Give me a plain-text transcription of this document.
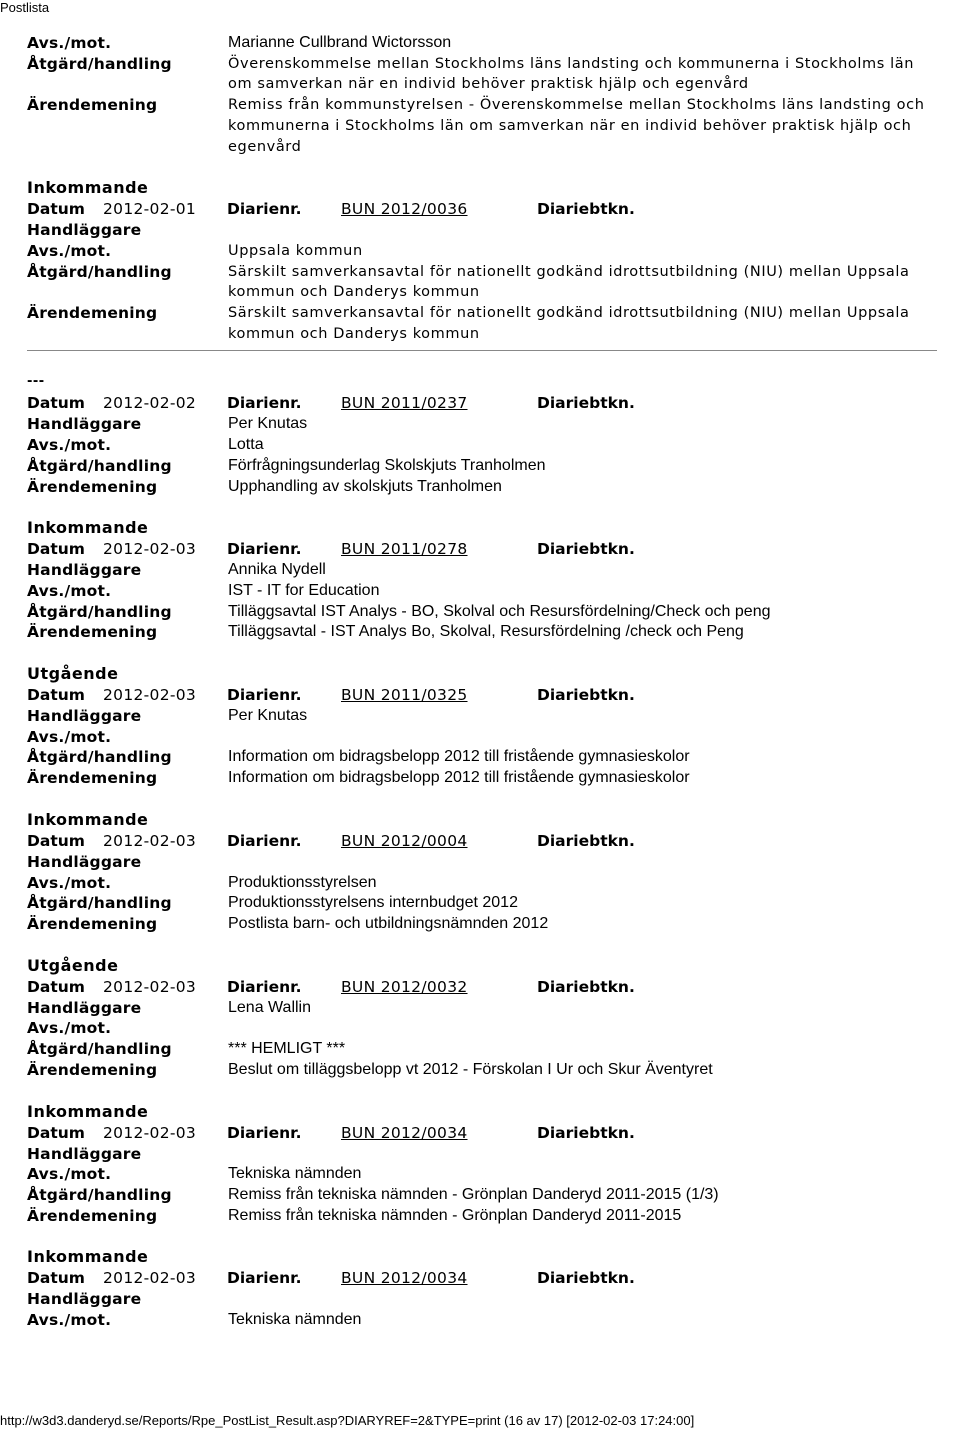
Postlista
Avs./mot.	Marianne Cullbrand Wictorsson
Åtgärd/handling	Överenskommelse mellan Stockholms läns landsting och kommunerna i Stockholms län om samverkan när en individ behöver praktisk hjälp och egenvård
Ärendemening	Remiss från kommunstyrelsen - Överenskommelse mellan Stockholms läns landsting och kommunerna i Stockholms län om samverkan när en individ behöver praktisk hjälp och egenvård
Inkommande
Datum	2012-02-01	Diarienr.	BUN 2012/0036	Diariebtkn.
Handläggare
Avs./mot.	Uppsala kommun
Åtgärd/handling	Särskilt samverkansavtal för nationellt godkänd idrottsutbildning (NIU) mellan Uppsala kommun och Danderys kommun
Ärendemening	Särskilt samverkansavtal för nationellt godkänd idrottsutbildning (NIU) mellan Uppsala kommun och Danderys kommun
---
Datum	2012-02-02	Diarienr.	BUN 2011/0237	Diariebtkn.
Handläggare	Per Knutas
Avs./mot.	Lotta
Åtgärd/handling	Förfrågningsunderlag Skolskjuts Tranholmen
Ärendemening	Upphandling av skolskjuts Tranholmen
Inkommande
Datum	2012-02-03	Diarienr.	BUN 2011/0278	Diariebtkn.
Handläggare	Annika Nydell
Avs./mot.	IST - IT for Education
Åtgärd/handling	Tilläggsavtal IST Analys - BO, Skolval och Resursfördelning/Check och peng
Ärendemening	Tilläggsavtal - IST Analys Bo, Skolval, Resursfördelning /check och Peng
Utgående
Datum	2012-02-03	Diarienr.	BUN 2011/0325	Diariebtkn.
Handläggare	Per Knutas
Avs./mot.
Åtgärd/handling	Information om bidragsbelopp 2012 till fristående gymnasieskolor
Ärendemening	Information om bidragsbelopp 2012 till fristående gymnasieskolor
Inkommande
Datum	2012-02-03	Diarienr.	BUN 2012/0004	Diariebtkn.
Handläggare
Avs./mot.	Produktionsstyrelsen
Åtgärd/handling	Produktionsstyrelsens internbudget 2012
Ärendemening	Postlista barn- och utbildningsnämnden 2012
Utgående
Datum	2012-02-03	Diarienr.	BUN 2012/0032	Diariebtkn.
Handläggare	Lena Wallin
Avs./mot.
Åtgärd/handling	*** HEMLIGT ***
Ärendemening	Beslut om tilläggsbelopp vt 2012 - Förskolan I Ur och Skur Äventyret
Inkommande
Datum	2012-02-03	Diarienr.	BUN 2012/0034	Diariebtkn.
Handläggare
Avs./mot.	Tekniska nämnden
Åtgärd/handling	Remiss från tekniska nämnden - Grönplan Danderyd 2011-2015 (1/3)
Ärendemening	Remiss från tekniska nämnden - Grönplan Danderyd 2011-2015
Inkommande
Datum	2012-02-03	Diarienr.	BUN 2012/0034	Diariebtkn.
Handläggare
Avs./mot.	Tekniska nämnden
http://w3d3.danderyd.se/Reports/Rpe_PostList_Result.asp?DIARYREF=2&TYPE=print (16 av 17) [2012-02-03 17:24:00]
